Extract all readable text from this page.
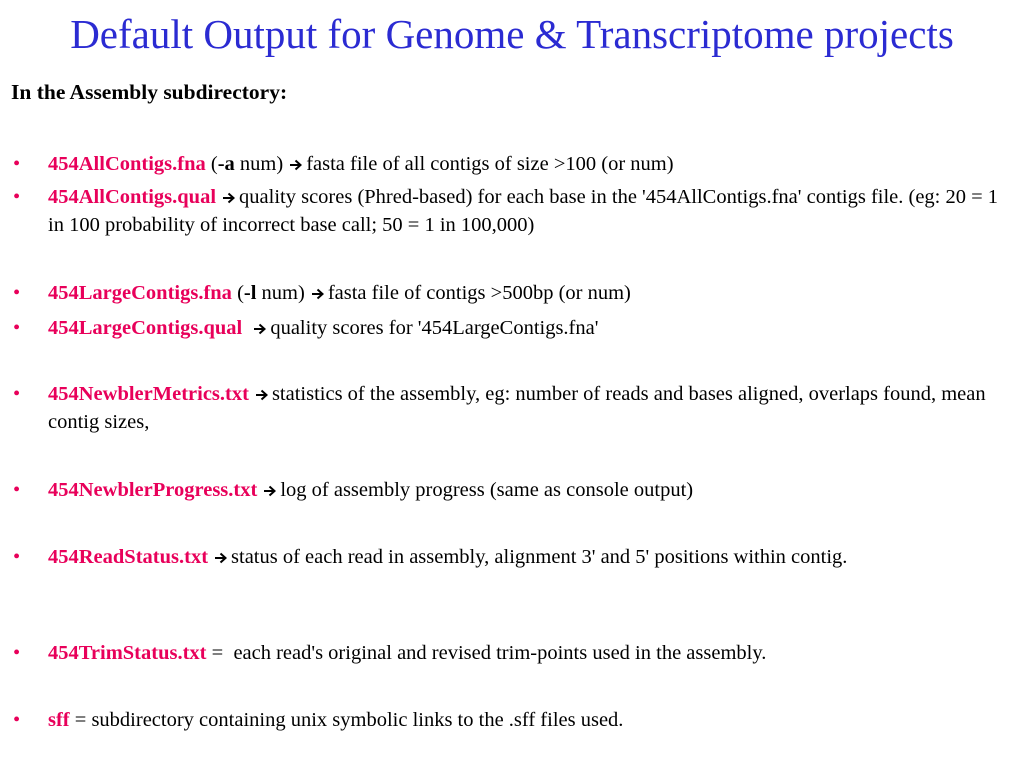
Default Output for Genome & Transcriptome projects
In the Assembly subdirectory:
• 454AllContigs.fna (-a num) fasta file of all contigs of size >100 (or num)
• 454AllContigs.qual quality scores (Phred-based) for each base in the '454AllContigs.fna' contigs file. (eg: 20 = 1 in 100 probability of incorrect base call; 50 = 1 in 100,000)
• 454LargeContigs.fna (-l num) fasta file of contigs >500bp (or num)
• 454LargeContigs.qual quality scores for '454LargeContigs.fna'
• 454NewblerMetrics.txt statistics of the assembly, eg: number of reads and bases aligned, overlaps found, mean contig sizes,
• 454NewblerProgress.txt log of assembly progress (same as console output)
• 454ReadStatus.txt status of each read in assembly, alignment 3' and 5' positions within contig.
• 454TrimStatus.txt = each read's original and revised trim-points used in the assembly.
• sff = subdirectory containing unix symbolic links to the .sff files used.
